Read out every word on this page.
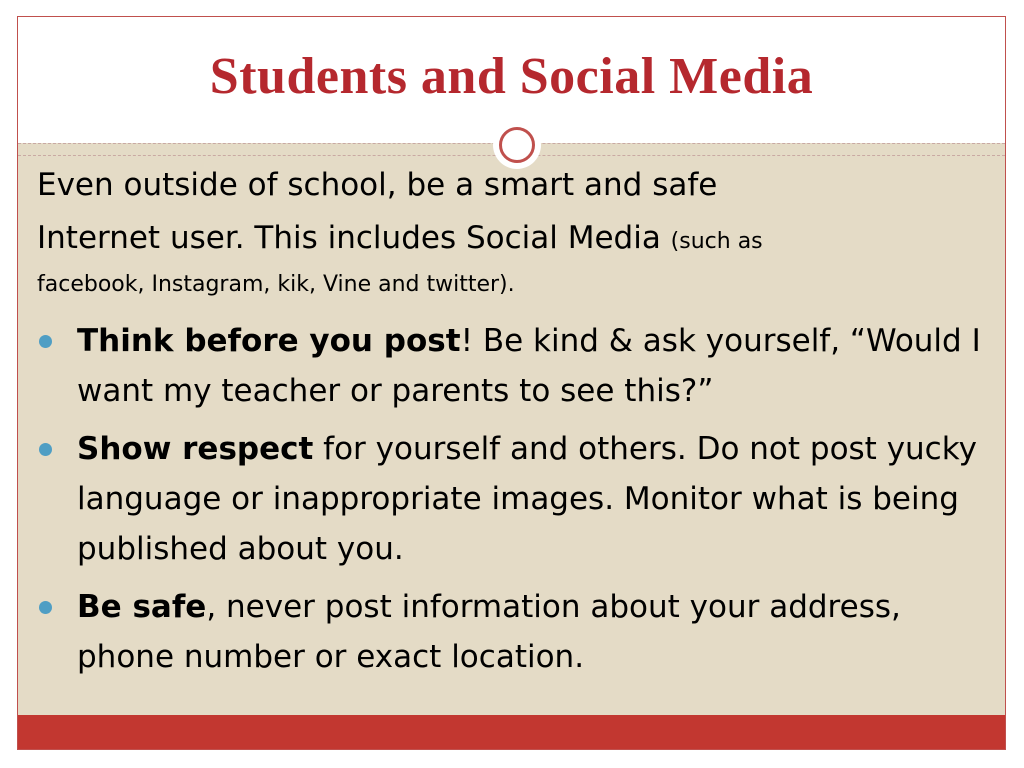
Students and Social Media
Even outside of school, be a smart and safe
Internet user. This includes Social Media (such as
facebook, Instagram, kik, Vine and twitter).
Think before you post! Be kind & ask yourself, “Would I want my teacher or parents to see this?”
Show respect for yourself and others. Do not post yucky language or inappropriate images. Monitor what is being published about you.
Be safe, never post information about your address, phone number or exact location.
